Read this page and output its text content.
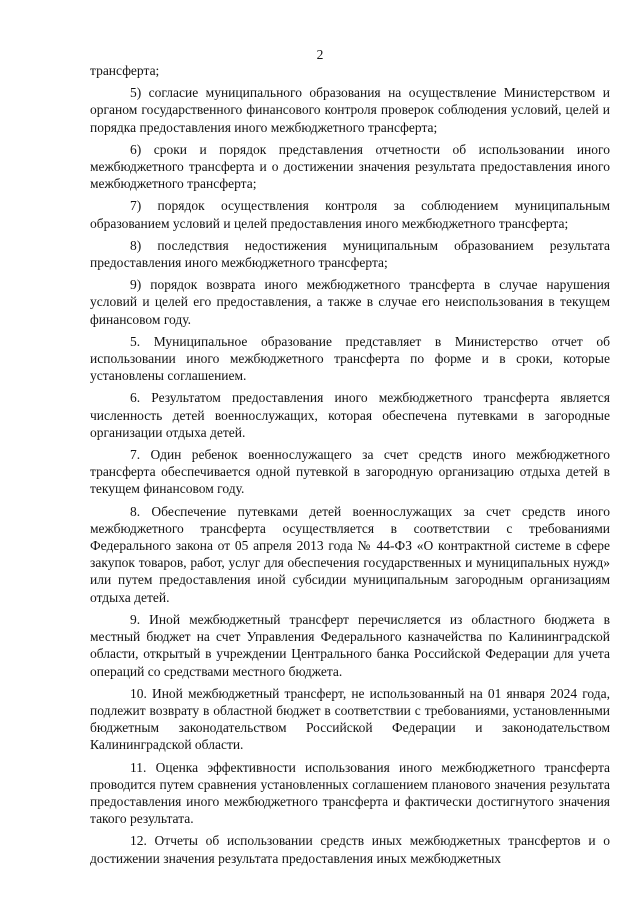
2

трансферта;

5) согласие муниципального образования на осуществление Министерством и органом государственного финансового контроля проверок соблюдения условий, целей и порядка предоставления иного межбюджетного трансферта;

6) сроки и порядок представления отчетности об использовании иного межбюджетного трансферта и о достижении значения результата предоставления иного межбюджетного трансферта;

7) порядок осуществления контроля за соблюдением муниципальным образованием условий и целей предоставления иного межбюджетного трансферта;

8) последствия недостижения муниципальным образованием результата предоставления иного межбюджетного трансферта;

9) порядок возврата иного межбюджетного трансферта в случае нарушения условий и целей его предоставления, а также в случае его неиспользования в текущем финансовом году.

5. Муниципальное образование представляет в Министерство отчет об использовании иного межбюджетного трансферта по форме и в сроки, которые установлены соглашением.

6. Результатом предоставления иного межбюджетного трансферта является численность детей военнослужащих, которая обеспечена путевками в загородные организации отдыха детей.

7. Один ребенок военнослужащего за счет средств иного межбюджетного трансферта обеспечивается одной путевкой в загородную организацию отдыха детей в текущем финансовом году.

8. Обеспечение путевками детей военнослужащих за счет средств иного межбюджетного трансферта осуществляется в соответствии с требованиями Федерального закона от 05 апреля 2013 года № 44-ФЗ «О контрактной системе в сфере закупок товаров, работ, услуг для обеспечения государственных и муниципальных нужд» или путем предоставления иной субсидии муниципальным загородным организациям отдыха детей.

9. Иной межбюджетный трансферт перечисляется из областного бюджета в местный бюджет на счет Управления Федерального казначейства по Калининградской области, открытый в учреждении Центрального банка Российской Федерации для учета операций со средствами местного бюджета.

10. Иной межбюджетный трансферт, не использованный на 01 января 2024 года, подлежит возврату в областной бюджет в соответствии с требованиями, установленными бюджетным законодательством Российской Федерации и законодательством Калининградской области.

11. Оценка эффективности использования иного межбюджетного трансферта проводится путем сравнения установленных соглашением планового значения результата предоставления иного межбюджетного трансферта и фактически достигнутого значения такого результата.

12. Отчеты об использовании средств иных межбюджетных трансфертов и о достижении значения результата предоставления иных межбюджетных
